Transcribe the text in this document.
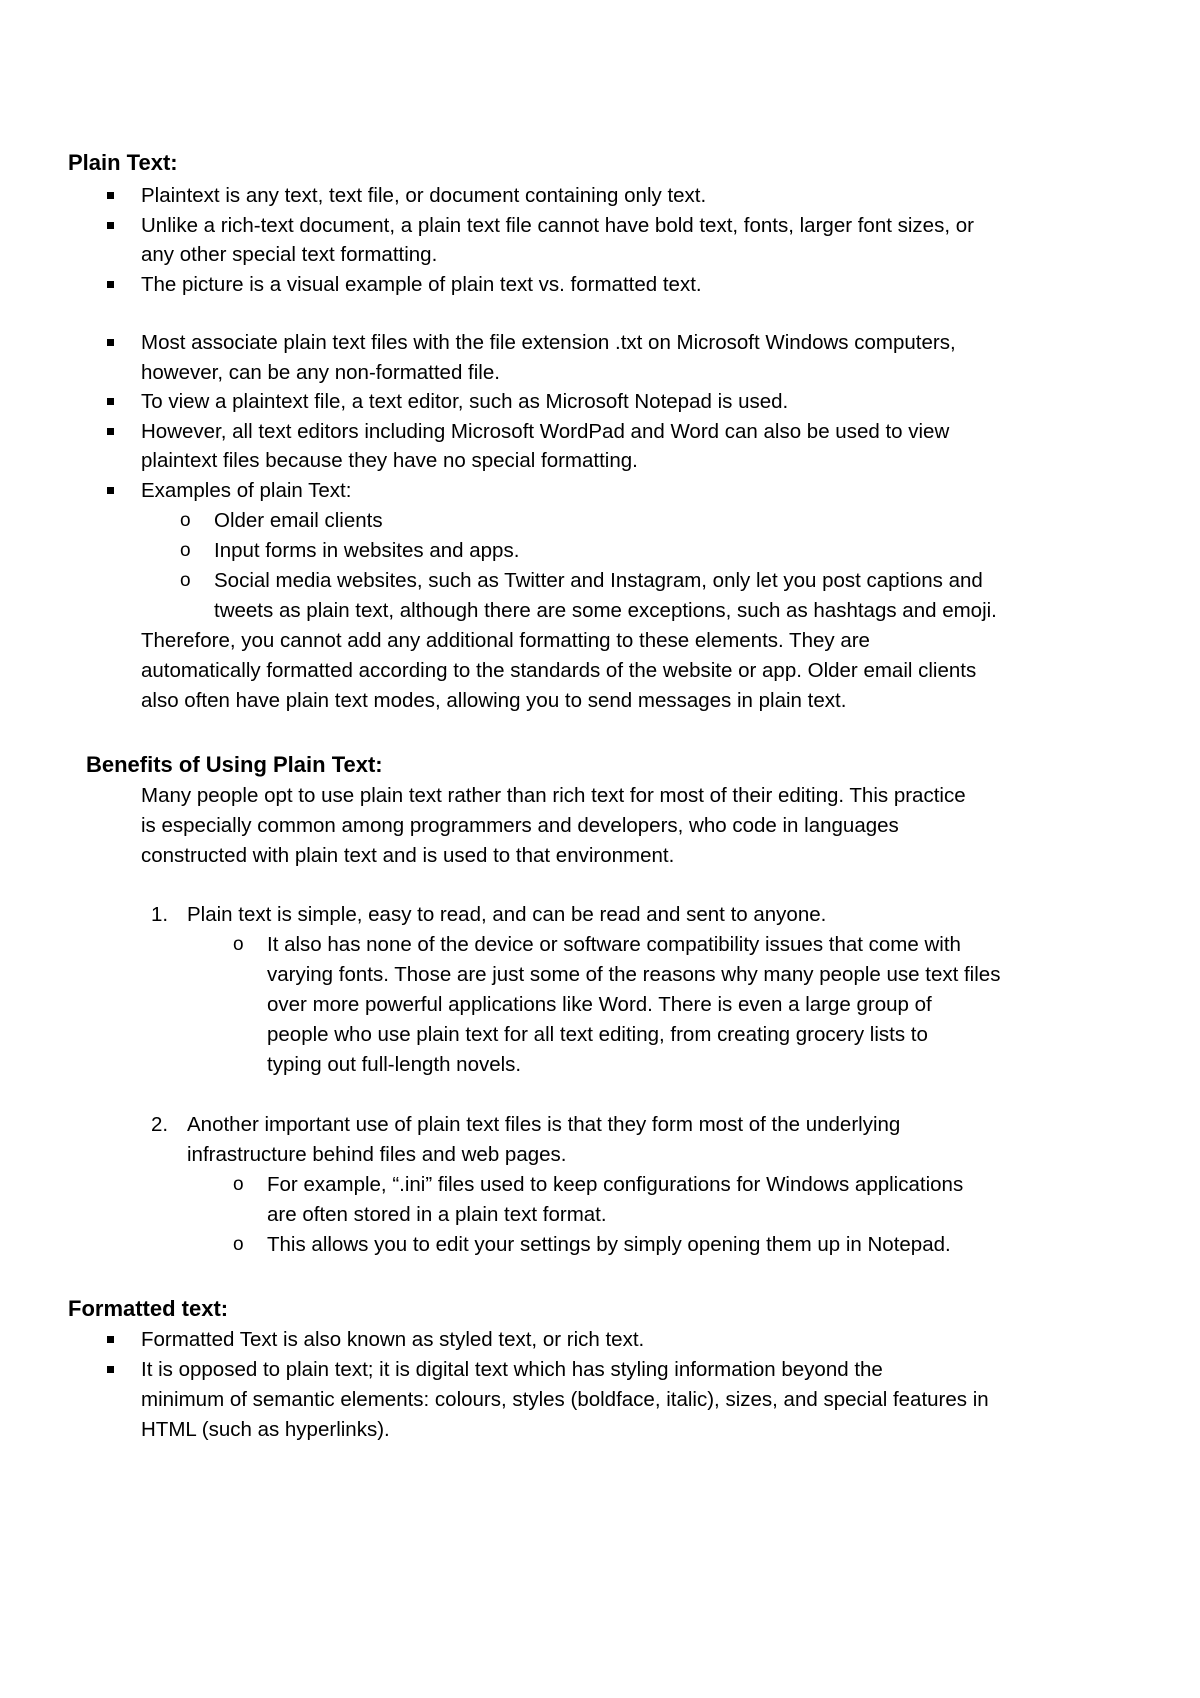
Plain Text:
Plaintext is any text, text file, or document containing only text.
Unlike a rich-text document, a plain text file cannot have bold text, fonts, larger font sizes, or
any other special text formatting.
The picture is a visual example of plain text vs. formatted text.
Most associate plain text files with the file extension .txt on Microsoft Windows computers,
however, can be any non-formatted file.
To view a plaintext file, a text editor, such as Microsoft Notepad is used.
However, all text editors including Microsoft WordPad and Word can also be used to view
plaintext files because they have no special formatting.
Examples of plain Text:
o Older email clients
o Input forms in websites and apps.
o Social media websites, such as Twitter and Instagram, only let you post captions and
tweets as plain text, although there are some exceptions, such as hashtags and emoji.
Therefore, you cannot add any additional formatting to these elements. They are
automatically formatted according to the standards of the website or app. Older email clients
also often have plain text modes, allowing you to send messages in plain text.
Benefits of Using Plain Text:
Many people opt to use plain text rather than rich text for most of their editing. This practice
is especially common among programmers and developers, who code in languages
constructed with plain text and is used to that environment.
1. Plain text is simple, easy to read, and can be read and sent to anyone.
o It also has none of the device or software compatibility issues that come with
varying fonts. Those are just some of the reasons why many people use text files
over more powerful applications like Word. There is even a large group of
people who use plain text for all text editing, from creating grocery lists to
typing out full-length novels.
2. Another important use of plain text files is that they form most of the underlying
infrastructure behind files and web pages.
o For example, “.ini” files used to keep configurations for Windows applications
are often stored in a plain text format.
o This allows you to edit your settings by simply opening them up in Notepad.
Formatted text:
Formatted Text is also known as styled text, or rich text.
It is opposed to plain text; it is digital text which has styling information beyond the
minimum of semantic elements: colours, styles (boldface, italic), sizes, and special features in
HTML (such as hyperlinks).
